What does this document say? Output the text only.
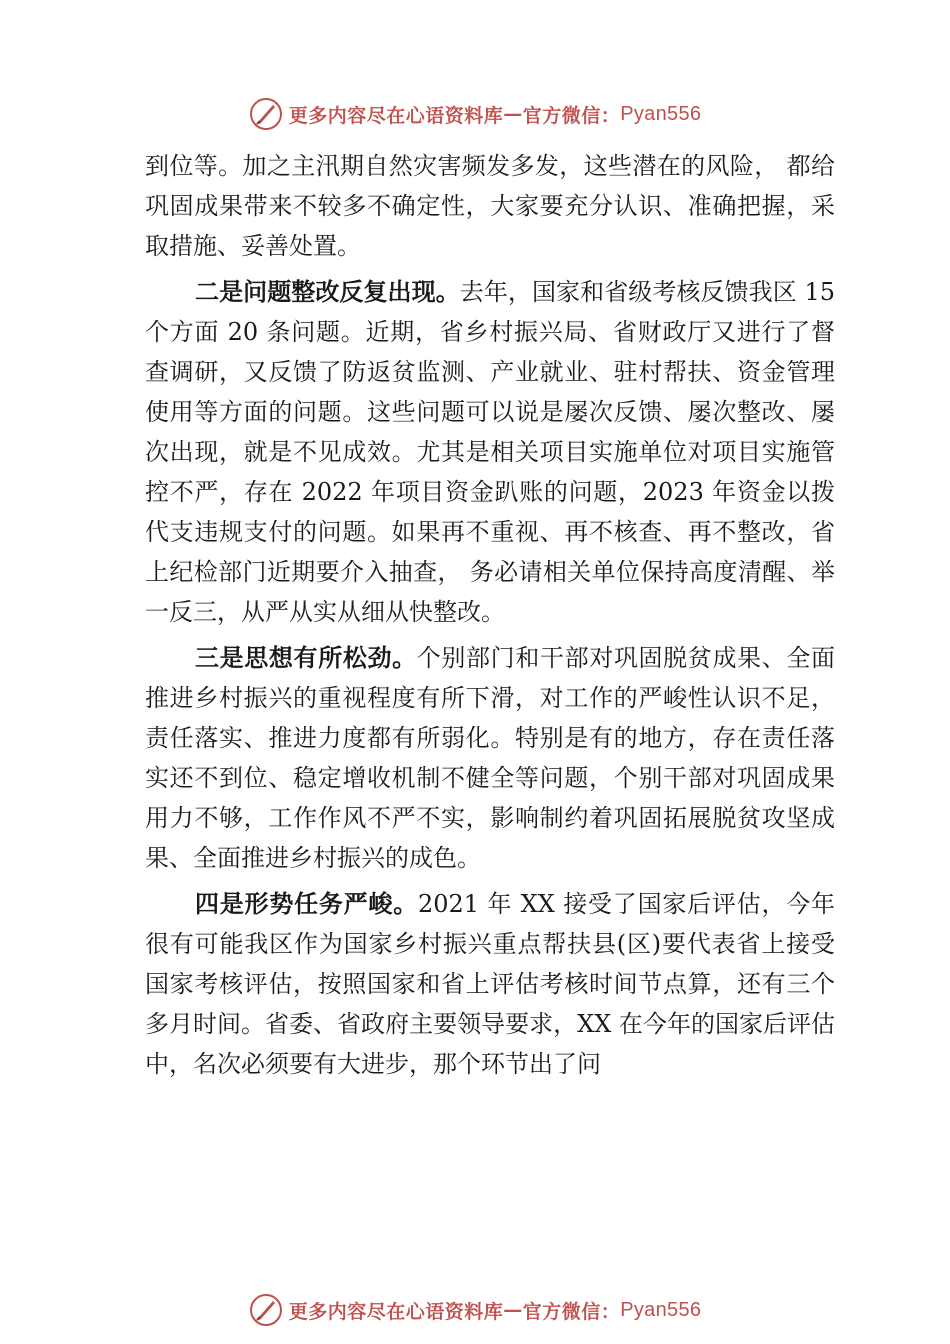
更多内容尽在心语资料库 — 官方微信： Pyan556

到位等。加之主汛期自然灾害频发多发，这些潜在的风险， 都给巩固成果带来不较多不确定性，大家要充分认识、准确把握，采取措施、妥善处置。

二是问题整改反复出现。去年，国家和省级考核反馈我区 15 个方面 20 条问题。近期，省乡村振兴局、省财政厅又进行了督查调研，又反馈了防返贫监测、产业就业、驻村帮扶、资金管理使用等方面的问题。这些问题可以说是屡次反馈、屡次整改、屡次出现，就是不见成效。尤其是相关项目实施单位对项目实施管控不严，存在 2022 年项目资金趴账的问题，2023 年资金以拨代支违规支付的问题。如果再不重视、再不核查、再不整改，省上纪检部门近期要介入抽查， 务必请相关单位保持高度清醒、举一反三，从严从实从细从快整改。

三是思想有所松劲。个别部门和干部对巩固脱贫成果、全面推进乡村振兴的重视程度有所下滑，对工作的严峻性认识不足，责任落实、推进力度都有所弱化。特别是有的地方，存在责任落实还不到位、稳定增收机制不健全等问题，个别干部对巩固成果用力不够，工作作风不严不实，影响制约着巩固拓展脱贫攻坚成果、全面推进乡村振兴的成色。

四是形势任务严峻。2021 年 XX 接受了国家后评估，今年很有可能我区作为国家乡村振兴重点帮扶县(区)要代表省上接受国家考核评估，按照国家和省上评估考核时间节点算，还有三个多月时间。省委、省政府主要领导要求，XX 在今年的国家后评估中，名次必须要有大进步，那个环节出了问

更多内容尽在心语资料库 — 官方微信： Pyan556
